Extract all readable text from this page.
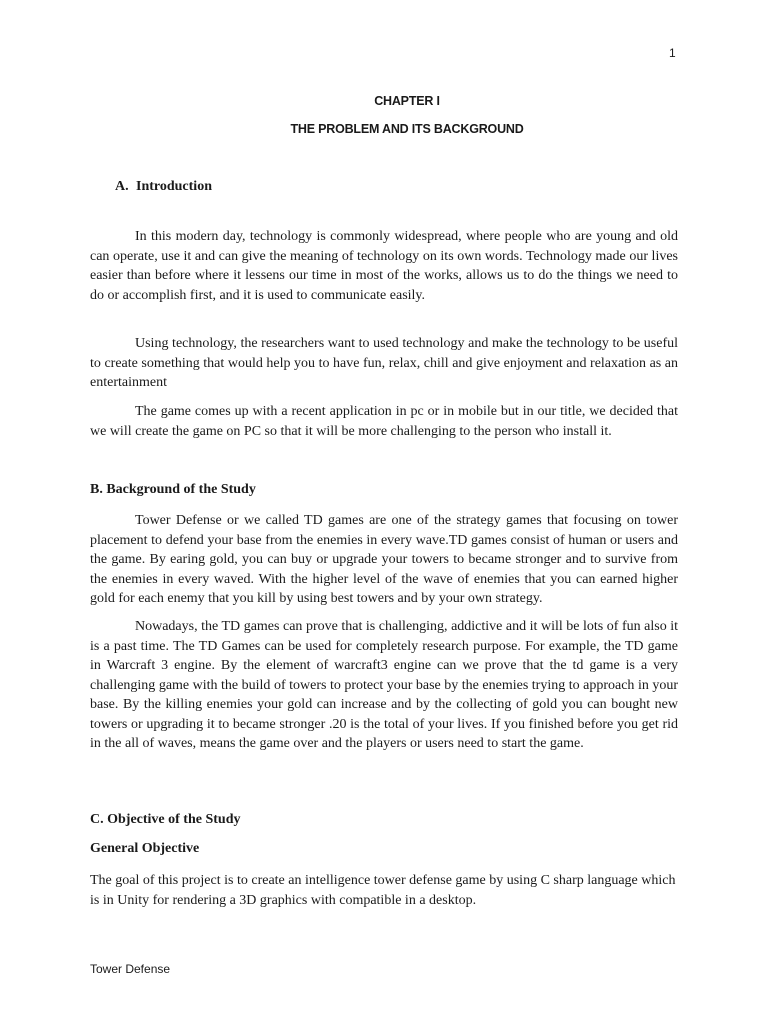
1
CHAPTER I
THE PROBLEM AND ITS BACKGROUND
A. Introduction

In this modern day, technology is commonly widespread, where people who are young and old can operate, use it and can give the meaning of technology on its own words. Technology made our lives easier than before where it lessens our time in most of the works, allows us to do the things we need to do or accomplish first, and it is used to communicate easily.

Using technology, the researchers want to used technology and make the technology to be useful to create something that would help you to have fun, relax, chill and give enjoyment and relaxation as an entertainment

The game comes up with a recent application in pc or in mobile but in our title, we decided that we will create the game on PC so that it will be more challenging to the person who install it.

B. Background of the Study

Tower Defense or we called TD games are one of the strategy games that focusing on tower placement to defend your base from the enemies in every wave.TD games consist of human or users and the game. By earing gold, you can buy or upgrade your towers to became stronger and to survive from the enemies in every waved. With the higher level of the wave of enemies that you can earned higher gold for each enemy that you kill by using best towers and by your own strategy.

Nowadays, the TD games can prove that is challenging, addictive and it will be lots of fun also it is a past time. The TD Games can be used for completely research purpose. For example, the TD game in Warcraft 3 engine. By the element of warcraft3 engine can we prove that the td game is a very challenging game with the build of towers to protect your base by the enemies trying to approach in your base. By the killing enemies your gold can increase and by the collecting of gold you can bought new towers or upgrading it to became stronger .20 is the total of your lives. If you finished before you get rid in the all of waves, means the game over and the players or users need to start the game.

C. Objective of the Study
General Objective

The goal of this project is to create an intelligence tower defense game by using C sharp language which is in Unity for rendering a 3D graphics with compatible in a desktop.

Tower Defense
